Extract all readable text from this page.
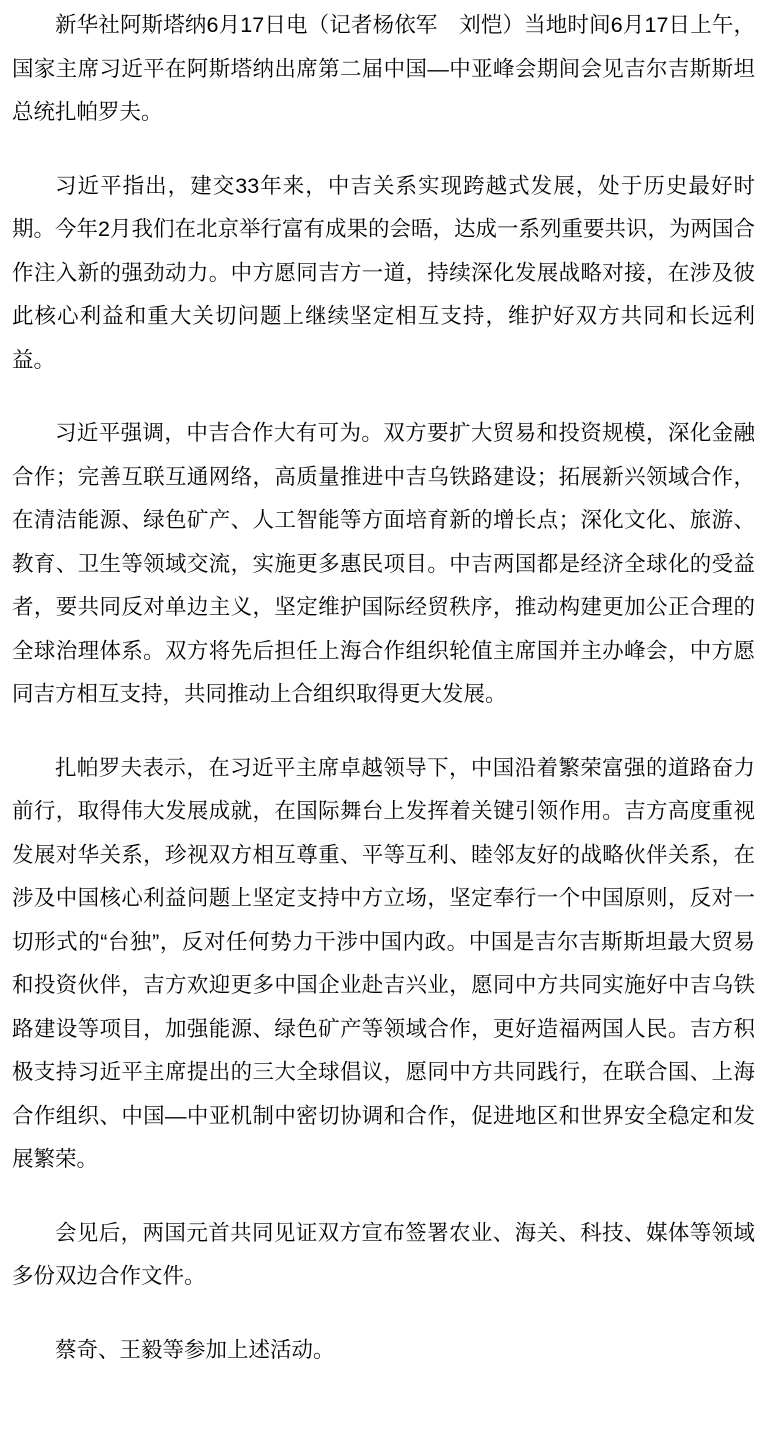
新华社阿斯塔纳6月17日电（记者杨依军　刘恺）当地时间6月17日上午，国家主席习近平在阿斯塔纳出席第二届中国—中亚峰会期间会见吉尔吉斯斯坦总统扎帕罗夫。

习近平指出，建交33年来，中吉关系实现跨越式发展，处于历史最好时期。今年2月我们在北京举行富有成果的会晤，达成一系列重要共识，为两国合作注入新的强劲动力。中方愿同吉方一道，持续深化发展战略对接，在涉及彼此核心利益和重大关切问题上继续坚定相互支持，维护好双方共同和长远利益。

习近平强调，中吉合作大有可为。双方要扩大贸易和投资规模，深化金融合作；完善互联互通网络，高质量推进中吉乌铁路建设；拓展新兴领域合作，在清洁能源、绿色矿产、人工智能等方面培育新的增长点；深化文化、旅游、教育、卫生等领域交流，实施更多惠民项目。中吉两国都是经济全球化的受益者，要共同反对单边主义，坚定维护国际经贸秩序，推动构建更加公正合理的全球治理体系。双方将先后担任上海合作组织轮值主席国并主办峰会，中方愿同吉方相互支持，共同推动上合组织取得更大发展。

扎帕罗夫表示，在习近平主席卓越领导下，中国沿着繁荣富强的道路奋力前行，取得伟大发展成就，在国际舞台上发挥着关键引领作用。吉方高度重视发展对华关系，珍视双方相互尊重、平等互利、睦邻友好的战略伙伴关系，在涉及中国核心利益问题上坚定支持中方立场，坚定奉行一个中国原则，反对一切形式的“台独”，反对任何势力干涉中国内政。中国是吉尔吉斯斯坦最大贸易和投资伙伴，吉方欢迎更多中国企业赴吉兴业，愿同中方共同实施好中吉乌铁路建设等项目，加强能源、绿色矿产等领域合作，更好造福两国人民。吉方积极支持习近平主席提出的三大全球倡议，愿同中方共同践行，在联合国、上海合作组织、中国—中亚机制中密切协调和合作，促进地区和世界安全稳定和发展繁荣。

会见后，两国元首共同见证双方宣布签署农业、海关、科技、媒体等领域多份双边合作文件。

蔡奇、王毅等参加上述活动。
